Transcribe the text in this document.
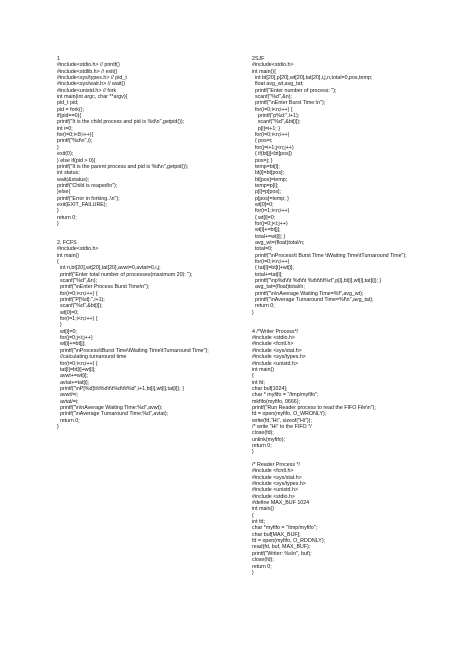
1
#include<stdio.h> // printf()
#include<stdlib.h> // exit()
#include<sys/types.h> // pid_t
#include<sys/wait.h> // wait()
#include<unistd.h> // fork
int main(int argc, char **argv){
pid_t pid;
pid = fork();
if(pid==0){
printf("It is the child process and pid is %d\n",getpid());
int i=0;
for(i=0;i<8;i++){
printf("%d\n",i);
}
exit(0);
} else if(pid > 0){
printf("It is the parent process and pid is %d\n",getpid());
int status;
wait(&status);
printf("Child is reaped\n");
}else{
printf("Error in forking..\n");
exit(EXIT_FAILURE);
}
return 0;
}

2. FCFS
#include<stdio.h>
int main()
{
int n,bt[20],wt[20],tat[20],avwt=0,avtat=0,i,j;
printf("Enter total number of processes(maximum 20): ");
scanf("%d",&n);
printf("\nEnter Process Burst Time\n");
for(i=0;i<n;i++) {
printf("P[%d]:",i+1);
scanf("%d",&bt[i]);
wt[0]=0;
for(i=1;i<n;i++) {
}
wt[i]=0;
for(j=0;j<i;j++)
wt[i]+=bt[j];
printf("\nProcess\tBurst Time\tWaiting Time\tTurnaround Time");
//calculating turnaround time
for(i=0;i<n;i++) {
tat[i]=bt[i]+wt[i];
avwt+=wt[i];
avtat+=tat[i];
printf("\nP[%d]\t\t%d\t\t%d\t\t%d",i+1,bt[i],wt[i],tat[i]); }
avwt/=i;
avtat/=i;
printf("\n\nAverage Waiting Time:%d",avwt);
printf("\nAverage Turnaround Time:%d",avtat);
return 0;
}
2SJF
#include<stdio.h>
int main(){
int bt[20],p[20],wt[20],tat[20],i,j,n,total=0,pos,temp;
float avg_wt,avg_tat;
printf("Enter number of process: ");
scanf("%d",&n);
printf("\nEnter Burst Time:\n");
for(i=0;i<n;i++) {
printf("p%d:",i+1);
scanf("%d",&bt[i]);
p[i]=i+1; }
for(i=0;i<n;i++)
{ pos=i;
for(j=i+1;j<n;j++)
{ if(bt[j]<bt[pos])
pos=j; }
temp=bt[i];
bt[i]=bt[pos];
bt[pos]=temp;
temp=p[i];
p[i]=p[pos];
p[pos]=temp; }
wt[0]=0;
for(i=1;i<n;i++)
{ wt[i]=0;
for(j=0;j<i;j++)
wt[i]+=bt[j];
total+=wt[i]; }
avg_wt=(float)total/n;
total=0;
printf("\nProcess\t Burst Time \tWaiting Time\tTurnaround Time");
for(i=0;i<n;i++)
{ tat[i]=bt[i]+wt[i];
total+=tat[i];
printf("\np%d\t\t %d\t\t %d\t\t\t%d",p[i],bt[i],wt[i],tat[i]); }
avg_tat=(float)total/n;
printf("\n\nAverage Waiting Time=%f",avg_wt);
printf("\nAverage Turnaround Time=%f\n",avg_tat);
return 0;
}

4 /*Writer Process*/
#include <stdio.h>
#include <fcntl.h>
#include <sys/stat.h>
#include <sys/types.h>
#include <unistd.h>
int main()
{
int fd;
char buf[1024];
char * myfifo = "/tmp/myfifo";
mkfifo(myfifo, 0666);
printf("Run Reader process to read the FIFO File\n");
fd = open(myfifo, O_WRONLY);
write(fd,"Hi", sizeof("Hi"));
/* write "Hi" to the FIFO */
close(fd);
unlink(myfifo);
return 0;
}

/* Reader Process */
#include <fcntl.h>
#include <sys/stat.h>
#include <sys/types.h>
#include <unistd.h>
#include <stdio.h>
#define MAX_BUF 1024
int main()
{
int fd;
char *myfifo = "/tmp/myfifo";
char buf[MAX_BUF];
fd = open(myfifo, O_RDONLY);
read(fd, buf, MAX_BUF);
printf("Writer: %s\n", buf);
close(fd);
return 0;
}
